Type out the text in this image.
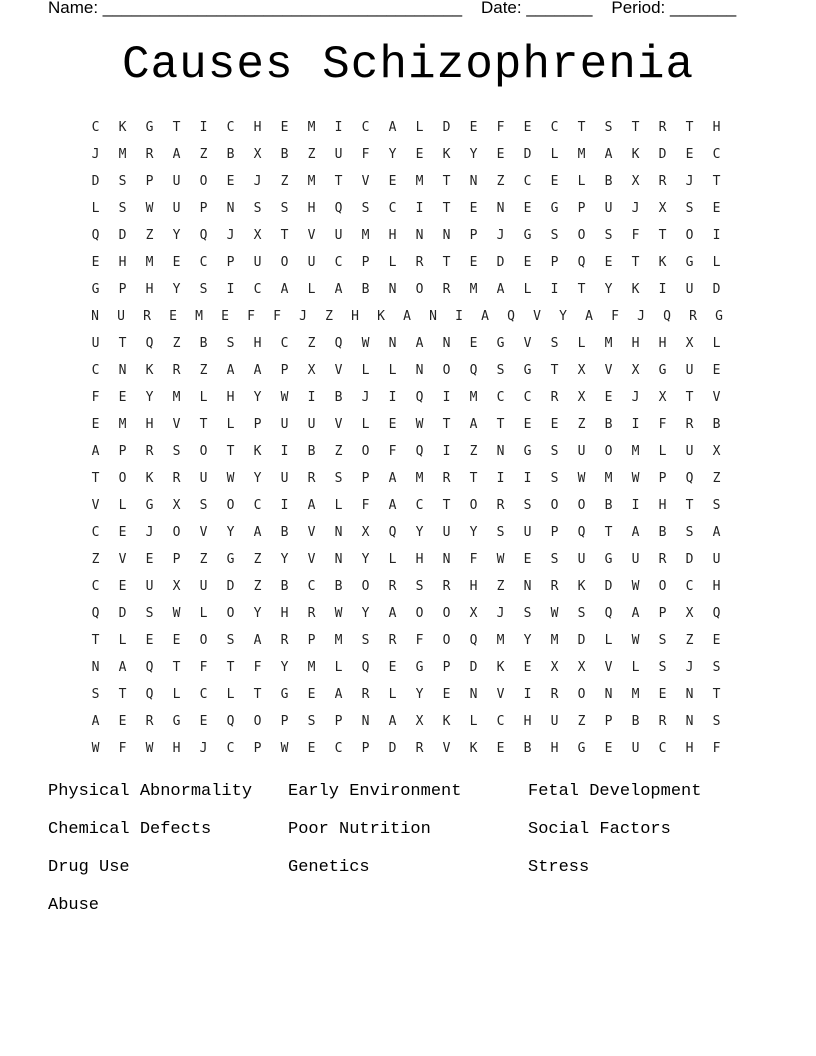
Name: ______________________________________    Date: _______    Period: _______
Causes Schizophrenia
C	K	G	T	I	C	H	E	M	I	C	A	L	D	E	F	E	C	T	S	T	R	T	H
J	M	R	A	Z	B	X	B	Z	U	F	Y	E	K	Y	E	D	L	M	A	K	D	E	C
D	S	P	U	O	E	J	Z	M	T	V	E	M	T	N	Z	C	E	L	B	X	R	J	T
L	S	W	U	P	N	S	S	H	Q	S	C	I	T	E	N	E	G	P	U	J	X	S	E
Q	D	Z	Y	Q	J	X	T	V	U	M	H	N	N	P	J	G	S	O	S	F	T	O	I
E	H	M	E	C	P	U	O	U	C	P	L	R	T	E	D	E	P	Q	E	T	K	G	L
G	P	H	Y	S	I	C	A	L	A	B	N	O	R	M	A	L	I	T	Y	K	I	U	D
N	U	R	E	M	E	F	F	J	Z	H	K	A	N	I	A	Q	V	Y	A	F	J	Q	R	G
U	T	Q	Z	B	S	H	C	Z	Q	W	N	A	N	E	G	V	S	L	M	H	H	X	L
C	N	K	R	Z	A	A	P	X	V	L	L	N	O	Q	S	G	T	X	V	X	G	U	E
F	E	Y	M	L	H	Y	W	I	B	J	I	Q	I	M	C	C	R	X	E	J	X	T	V
E	M	H	V	T	L	P	U	U	V	L	E	W	T	A	T	E	E	Z	B	I	F	R	B
A	P	R	S	O	T	K	I	B	Z	O	F	Q	I	Z	N	G	S	U	O	M	L	U	X
T	O	K	R	U	W	Y	U	R	S	P	A	M	R	T	I	I	S	W	M	W	P	Q	Z
V	L	G	X	S	O	C	I	A	L	F	A	C	T	O	R	S	O	O	B	I	H	T	S
C	E	J	O	V	Y	A	B	V	N	X	Q	Y	U	Y	S	U	P	Q	T	A	B	S	A
Z	V	E	P	Z	G	Z	Y	V	N	Y	L	H	N	F	W	E	S	U	G	U	R	D	U
C	E	U	X	U	D	Z	B	C	B	O	R	S	R	H	Z	N	R	K	D	W	O	C	H
Q	D	S	W	L	O	Y	H	R	W	Y	A	O	O	X	J	S	W	S	Q	A	P	X	Q
T	L	E	E	O	S	A	R	P	M	S	R	F	O	Q	M	Y	M	D	L	W	S	Z	E
N	A	Q	T	F	T	F	Y	M	L	Q	E	G	P	D	K	E	X	X	V	L	S	J	S
S	T	Q	L	C	L	T	G	E	A	R	L	Y	E	N	V	I	R	O	N	M	E	N	T
A	E	R	G	E	Q	O	P	S	P	N	A	X	K	L	C	H	U	Z	P	B	R	N	S
W	F	W	H	J	C	P	W	E	C	P	D	R	V	K	E	B	H	G	E	U	C	H	F
Physical Abnormality	Early Environment	Fetal Development
Chemical Defects	Poor Nutrition	Social Factors
Drug Use	Genetics	Stress
Abuse
